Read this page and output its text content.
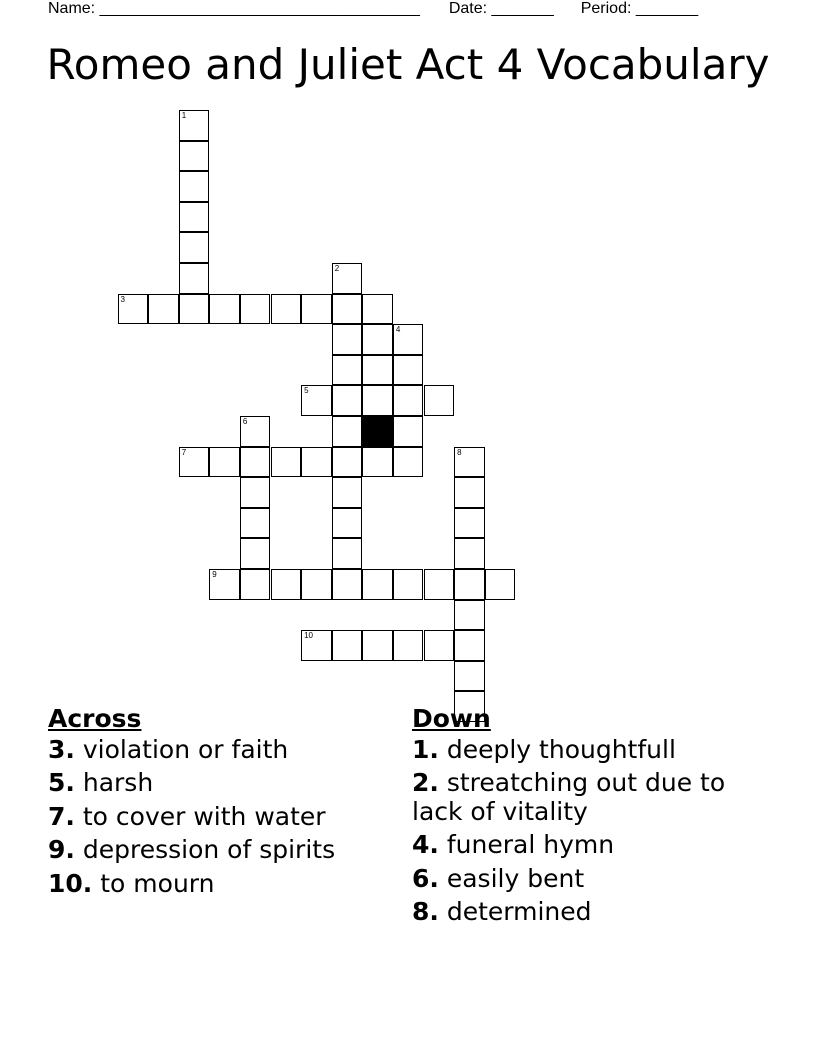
Name: ____________________________________ Date: _______ Period: _______
Romeo and Juliet Act 4 Vocabulary
1
3
2
4
5
6
7	8
9
10
Across

3. violation or faith

5. harsh

7. to cover with water

9. depression of spirits

10. to mourn

Down

1. deeply thoughtfull

2. streatching out due to lack of vitality

4. funeral hymn

6. easily bent

8. determined
